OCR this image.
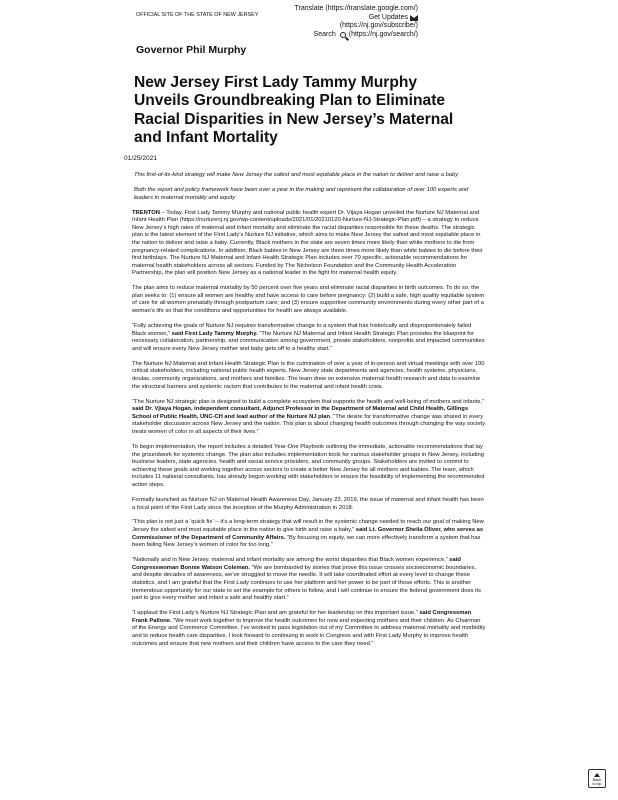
OFFICIAL SITE OF THE STATE OF NEW JERSEY
Translate (https://translate.google.com/)
Get Updates
(https://nj.gov/subscribe/)
Search (https://nj.gov/search/)
Governor Phil Murphy
New Jersey First Lady Tammy Murphy Unveils Groundbreaking Plan to Eliminate Racial Disparities in New Jersey’s Maternal and Infant Mortality
01/25/2021

This first-of-its-kind strategy will make New Jersey the safest and most equitable place in the nation to deliver and raise a baby

Both the report and policy framework have been over a year in the making and represent the collaboration of over 100 experts and leaders in maternal mortality and equity

TRENTON – Today, First Lady Tammy Murphy and national public health expert Dr. Vijaya Hogan unveiled the Nurture NJ Maternal and Infant Health Plan (https://nurturenj.nj.gov/wp-content/uploads/2021/01/20210120-Nurture-NJ-Strategic-Plan.pdf) – a strategy to reduce New Jersey’s high rates of maternal and infant mortality and eliminate the racial disparities responsible for these deaths. The strategic plan is the latest element of the First Lady’s Nurture NJ initiative, which aims to make New Jersey the safest and most equitable place in the nation to deliver and raise a baby. Currently, Black mothers in the state are seven times more likely than white mothers to die from pregnancy-related complications. In addition, Black babies in New Jersey are three times more likely than white babies to die before their first birthdays. The Nurture NJ Maternal and Infant Health Strategic Plan includes over 70 specific, actionable recommendations for maternal health stakeholders across all sectors. Funded by The Nicholson Foundation and the Community Health Acceleration Partnership, the plan will position New Jersey as a national leader in the fight for maternal health equity.

The plan aims to reduce maternal mortality by 50 percent over five years and eliminate racial disparities in birth outcomes. To do so, the plan seeks to: (1) ensure all women are healthy and have access to care before pregnancy; (2) build a safe, high quality equitable system of care for all women prenatally through postpartum care; and (3) ensure supportive community environments during every other part of a woman’s life so that the conditions and opportunities for health are always available.

“Fully achieving the goals of Nurture NJ requires transformative change to a system that has historically and disproportionately failed Black women,” said First Lady Tammy Murphy. “The Nurture NJ Maternal and Infant Health Strategic Plan provides the blueprint for necessary collaboration, partnership, and communication among government, private stakeholders, nonprofits and impacted communities and will ensure every New Jersey mother and baby gets off to a healthy start.”

The Nurture NJ Maternal and Infant Health Strategic Plan is the culmination of over a year of in-person and virtual meetings with over 100 critical stakeholders, including national public health experts, New Jersey state departments and agencies, health systems, physicians, doulas, community organizations, and mothers and families. The team drew on extensive maternal health research and data to examine the structural barriers and systemic racism that contributes to the maternal and infant health crisis.

“The Nurture NJ strategic plan is designed to build a complete ecosystem that supports the health and well-being of mothers and infants,” said Dr. Vjiaya Hogan, independent consultant, Adjunct Professor in the Department of Maternal and Child Health, Gillings School of Public Health, UNC-CH and lead author of the Nurture NJ plan. “The desire for transformative change was shared in every stakeholder discussion across New Jersey and the nation. This plan is about changing health outcomes through changing the way society treats women of color in all aspects of their lives.”

To begin implementation, the report includes a detailed Year-One Playbook outlining the immediate, actionable recommendations that lay the groundwork for systemic change. The plan also includes implementation tools for various stakeholder groups in New Jersey, including business leaders, state agencies, health and social service providers, and community groups. Stakeholders are invited to commit to achieving these goals and working together across sectors to create a better New Jersey for all mothers and babies. The team, which includes 11 national consultants, has already begun working with stakeholders to ensure the feasibility of implementing the recommended action steps.

Formally launched as Nurture NJ on Maternal Health Awareness Day, January 23, 2019, the issue of maternal and infant health has been a focal point of the First Lady since the inception of the Murphy Administration in 2018.

“This plan is not just a ‘quick fix’ -- it’s a long-term strategy that will result in the systemic change needed to reach our goal of making New Jersey the safest and most equitable place in the nation to give birth and raise a baby,” said Lt. Governor Sheila Oliver, who serves as Commissioner of the Department of Community Affairs. “By focusing on equity, we can more effectively transform a system that has been failing New Jersey’s women of color for too long.”

“Nationally and in New Jersey, maternal and infant mortality are among the worst disparities that Black women experience,” said Congresswoman Bonnie Watson Coleman. “We are bombarded by stories that prove this issue crosses socioeconomic boundaries, and despite decades of awareness, we’ve struggled to move the needle. It will take coordinated effort at every level to change these statistics, and I am grateful that the First Lady continues to use her platform and her power to be part of those efforts. This is another tremendous opportunity for our state to set the example for others to follow, and I will continue to ensure the federal government does its part to give every mother and infant a safe and healthy start.”

“I applaud the First Lady’s Nurture NJ Strategic Plan and am grateful for her leadership on this important issue,” said Congressman Frank Pallone. “We must work together to improve the health outcomes for new and expecting mothers and their children. As Chairman of the Energy and Commerce Committee, I’ve worked to pass legislation out of my Committee to address maternal mortality and morbidity and to reduce health care disparities. I look forward to continuing to work in Congress and with First Lady Murphy to improve health outcomes and ensure that new mothers and their children have access to the care they need.”

Back
to top
